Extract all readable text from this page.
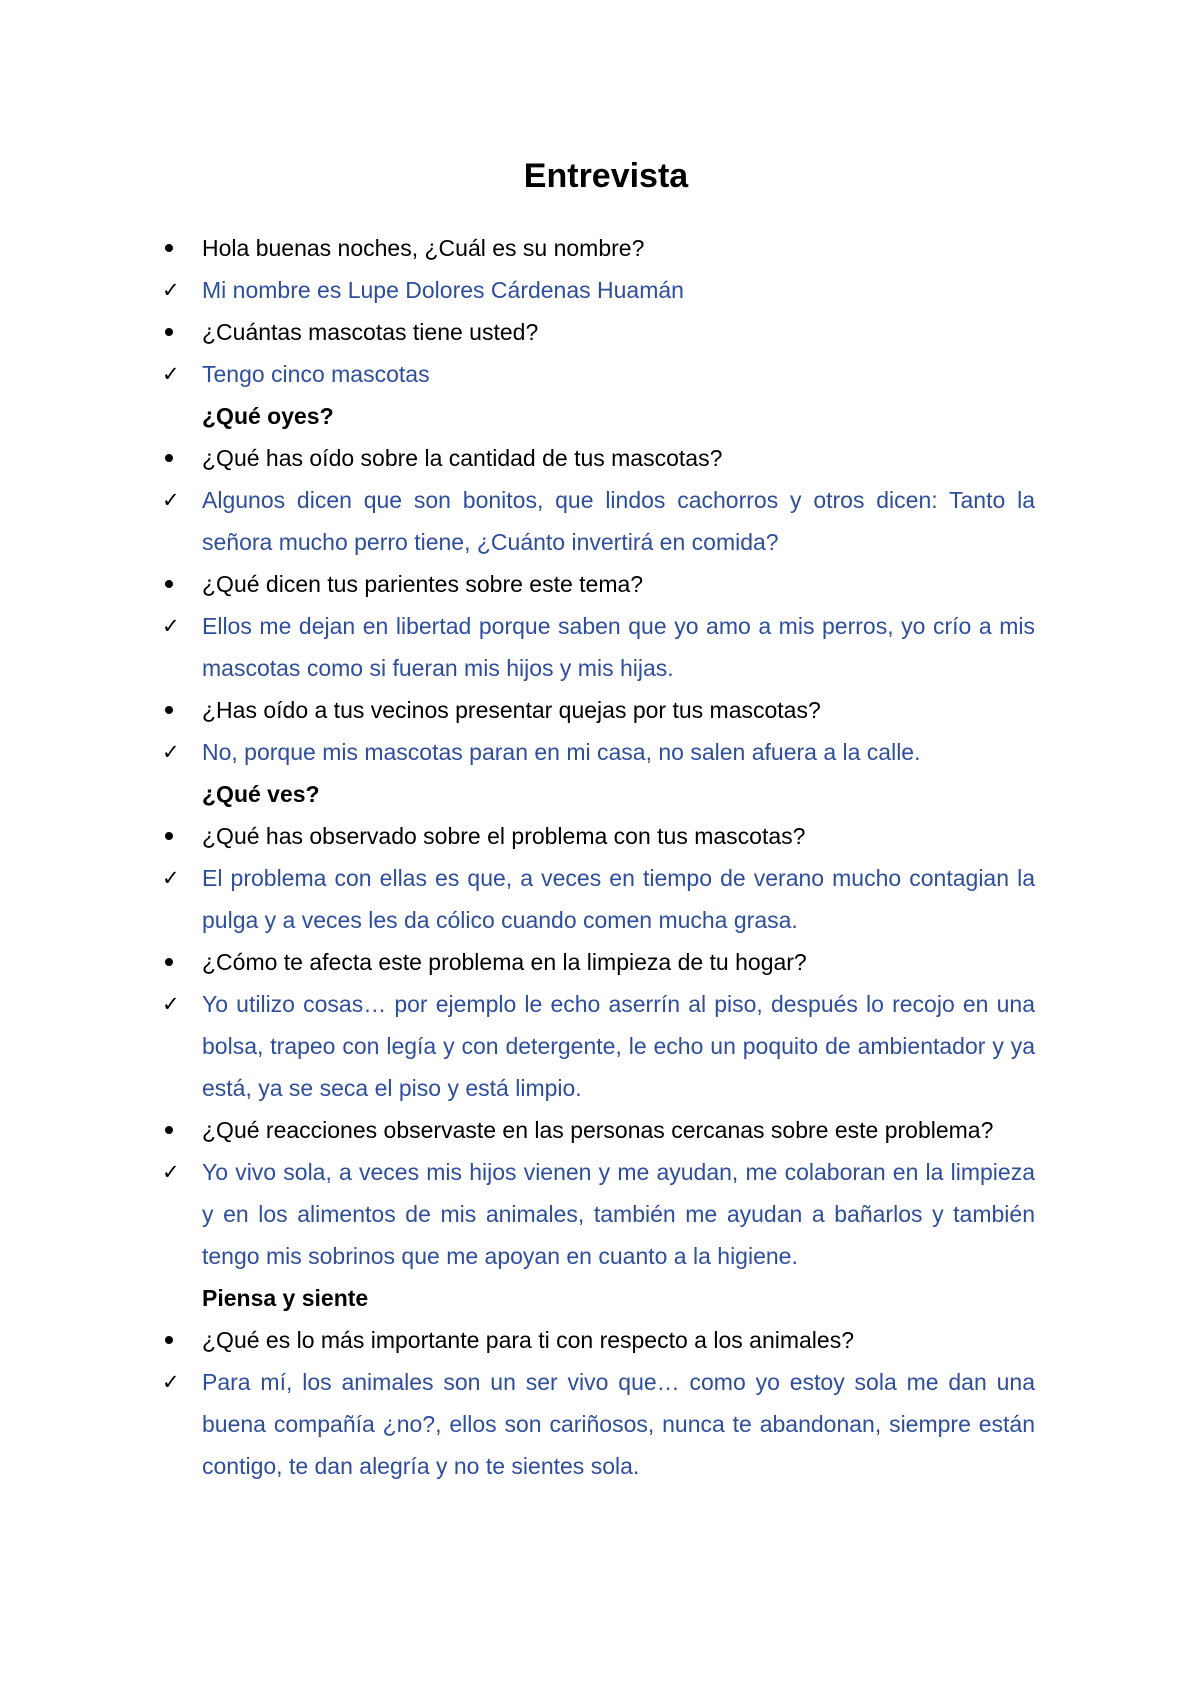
Entrevista

Hola buenas noches, ¿Cuál es su nombre?

✓ Mi nombre es Lupe Dolores Cárdenas Huamán

¿Cuántas mascotas tiene usted?

✓ Tengo cinco mascotas

¿Qué oyes?

¿Qué has oído sobre la cantidad de tus mascotas?

✓ Algunos dicen que son bonitos, que lindos cachorros y otros dicen: Tanto la señora mucho perro tiene, ¿Cuánto invertirá en comida?

¿Qué dicen tus parientes sobre este tema?

✓ Ellos me dejan en libertad porque saben que yo amo a mis perros, yo crío a mis mascotas como si fueran mis hijos y mis hijas.

¿Has oído a tus vecinos presentar quejas por tus mascotas?

✓ No, porque mis mascotas paran en mi casa, no salen afuera a la calle.

¿Qué ves?

¿Qué has observado sobre el problema con tus mascotas?

✓ El problema con ellas es que, a veces en tiempo de verano mucho contagian la pulga y a veces les da cólico cuando comen mucha grasa.

¿Cómo te afecta este problema en la limpieza de tu hogar?

✓ Yo utilizo cosas… por ejemplo le echo aserrín al piso, después lo recojo en una bolsa, trapeo con legía y con detergente, le echo un poquito de ambientador y ya está, ya se seca el piso y está limpio.

¿Qué reacciones observaste en las personas cercanas sobre este problema?

✓ Yo vivo sola, a veces mis hijos vienen y me ayudan, me colaboran en la limpieza y en los alimentos de mis animales, también me ayudan a bañarlos y también tengo mis sobrinos que me apoyan en cuanto a la higiene.

Piensa y siente

¿Qué es lo más importante para ti con respecto a los animales?

✓ Para mí, los animales son un ser vivo que… como yo estoy sola me dan una buena compañía ¿no?, ellos son cariñosos, nunca te abandonan, siempre están contigo, te dan alegría y no te sientes sola.
